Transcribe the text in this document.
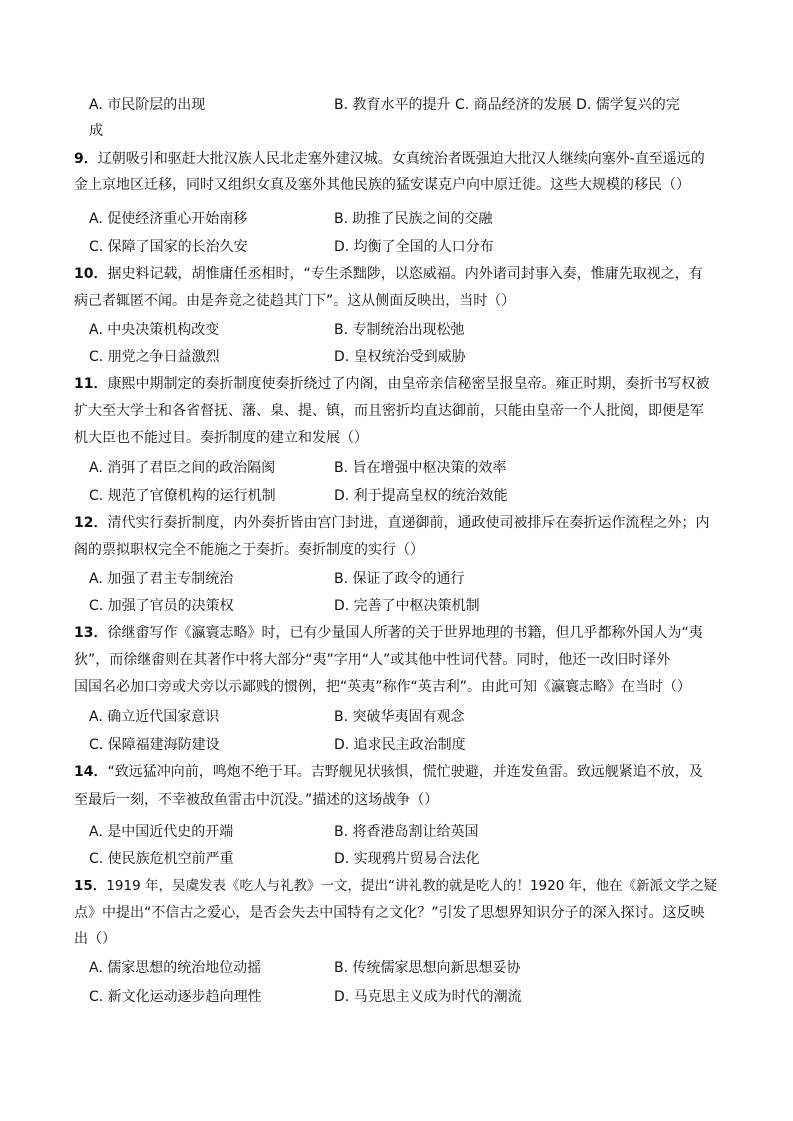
A. 市民阶层的出现	B. 教育水平的提升 C. 商品经济的发展 D. 儒学复兴的完
成
9．辽朝吸引和驱赶大批汉族人民北走塞外建汉城。女真统治者既强迫大批汉人继续向塞外-直至遥远的
金上京地区迁移，同时又组织女真及塞外其他民族的猛安谋克户向中原迁徙。这些大规模的移民（）
A. 促使经济重心开始南移	B. 助推了民族之间的交融
C. 保障了国家的长治久安	D. 均衡了全国的人口分布
10．据史料记载，胡惟庸任丞相时，“专生杀黜陟，以恣威福。内外诸司封事入奏，惟庸先取视之，有
病己者辄匿不闻。由是奔竞之徒趋其门下”。这从侧面反映出，当时（）
A. 中央决策机构改变	B. 专制统治出现松弛
C. 朋党之争日益激烈	D. 皇权统治受到威胁
11．康熙中期制定的奏折制度使奏折绕过了内阁，由皇帝亲信秘密呈报皇帝。雍正时期，奏折书写权被
扩大至大学士和各省督抚、藩、臬、提、镇，而且密折均直达御前，只能由皇帝一个人批阅，即便是军
机大臣也不能过目。奏折制度的建立和发展（）
A. 消弭了君臣之间的政治隔阂	B. 旨在增强中枢决策的效率
C. 规范了官僚机构的运行机制	D. 利于提高皇权的统治效能
12．清代实行奏折制度，内外奏折皆由宫门封进，直递御前，通政使司被排斥在奏折运作流程之外；内
阁的票拟职权完全不能施之于奏折。奏折制度的实行（）
A. 加强了君主专制统治	B. 保证了政令的通行
C. 加强了官员的决策权	D. 完善了中枢决策机制
13．徐继畬写作《瀛寰志略》时，已有少量国人所著的关于世界地理的书籍，但几乎都称外国人为“夷
狄”，而徐继畬则在其著作中将大部分“夷”字用“人”或其他中性词代替。同时，他还一改旧时译外
国国名必加口旁或犬旁以示鄙贱的惯例，把“英夷”称作“英吉利”。由此可知《瀛寰志略》在当时（）
A. 确立近代国家意识	B. 突破华夷固有观念
C. 保障福建海防建设	D. 追求民主政治制度
14．“致远猛冲向前，鸣炮不绝于耳。吉野舰见状骇惧，慌忙驶避，并连发鱼雷。致远舰紧追不放，及
至最后一刻，不幸被敌鱼雷击中沉没。”描述的这场战争（）
A. 是中国近代史的开端	B. 将香港岛割让给英国
C. 使民族危机空前严重	D. 实现鸦片贸易合法化
15．1919 年，吴虞发表《吃人与礼教》一文，提出“讲礼教的就是吃人的！1920 年，他在《新派文学之疑
点》中提出“不信古之爱心，是否会失去中国特有之文化？”引发了思想界知识分子的深入探讨。这反映
出（）
A. 儒家思想的统治地位动摇	B. 传统儒家思想向新思想妥协
C. 新文化运动逐步趋向理性	D. 马克思主义成为时代的潮流
